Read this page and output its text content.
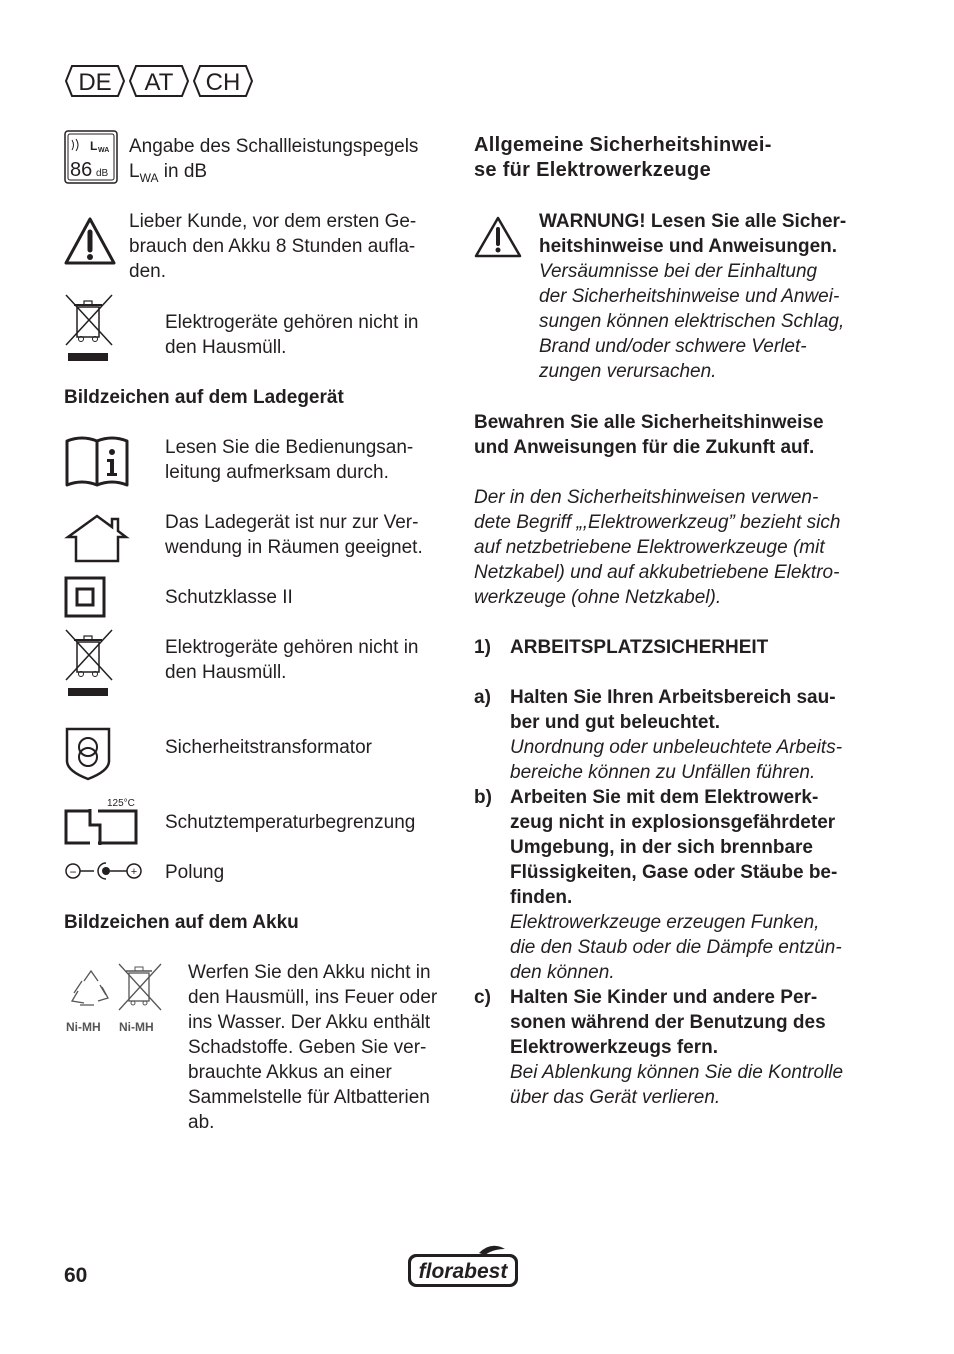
DE AT CH
L WA
86 dB
Angabe des Schallleistungspegels
$L_{WA}$ in dB
Lieber Kunde, vor dem ersten Ge-
brauch den Akku 8 Stunden aufla-
den.
Elektrogeräte gehören nicht in
den Hausmüll.
Bildzeichen auf dem Ladegerät
Lesen Sie die Bedienungsan-
leitung aufmerksam durch.
Das Ladegerät ist nur zur Ver-
wendung in Räumen geeignet.
Schutzklasse II
Elektrogeräte gehören nicht in
den Hausmüll.
Sicherheitstransformator
125°C
Schutztemperaturbegrenzung
−	+ Polung
Bildzeichen auf dem Akku
Ni-MH Ni-MH
Werfen Sie den Akku nicht in
den Hausmüll, ins Feuer oder
ins Wasser. Der Akku enthält
Schadstoffe. Geben Sie ver-
brauchte Akkus an einer
Sammelstelle für Altbatterien
ab.
Allgemeine Sicherheitshinwei-
se für Elektrowerkzeuge
WARNUNG! Lesen Sie alle Sicher-
heitshinweise und Anweisungen.
Versäumnisse bei der Einhaltung
der Sicherheitshinweise und Anwei-
sungen können elektrischen Schlag,
Brand und/oder schwere Verlet-
zungen verursachen.
Bewahren Sie alle Sicherheitshinweise
und Anweisungen für die Zukunft auf.
Der in den Sicherheitshinweisen verwen-
dete Begriff „,Elektrowerkzeug” bezieht sich
auf netzbetriebene Elektrowerkzeuge (mit
Netzkabel) und auf akkubetriebene Elektro-
werkzeuge (ohne Netzkabel).
1) ARBEITSPLATZSICHERHEIT
a) Halten Sie Ihren Arbeitsbereich sau-
ber und gut beleuchtet.
Unordnung oder unbeleuchtete Arbeits-
bereiche können zu Unfällen führen.
b) Arbeiten Sie mit dem Elektrowerk-
zeug nicht in explosionsgefährdeter
Umgebung, in der sich brennbare
Flüssigkeiten, Gase oder Stäube be-
finden.
Elektrowerkzeuge erzeugen Funken,
die den Staub oder die Dämpfe entzün-
den können.
c) Halten Sie Kinder und andere Per-
sonen während der Benutzung des
Elektrowerkzeugs fern.
Bei Ablenkung können Sie die Kontrolle
über das Gerät verlieren.
60	florabest
